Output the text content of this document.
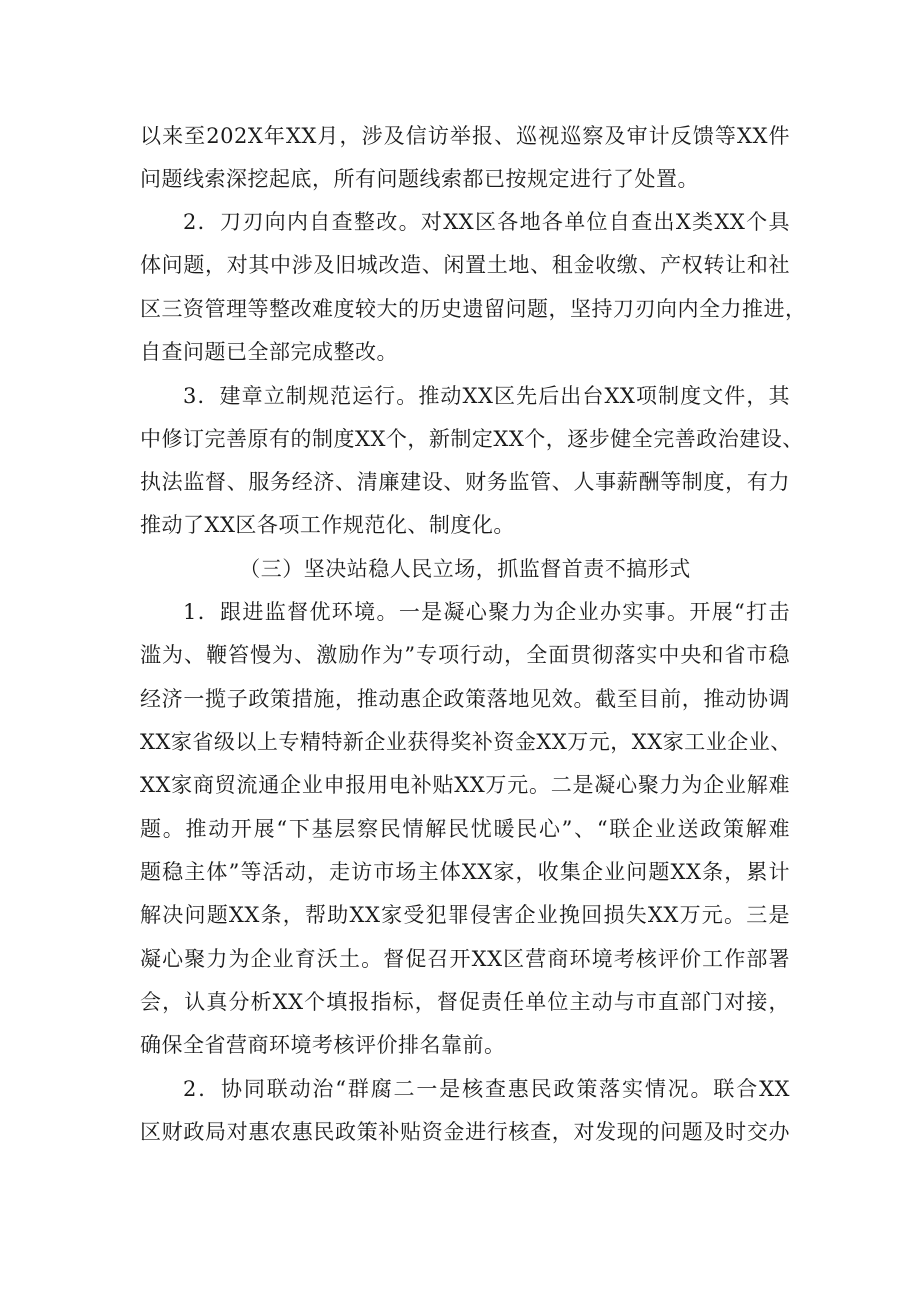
以来至202X年XX月，涉及信访举报、巡视巡察及审计反馈等XX件
问题线索深挖起底，所有问题线索都已按规定进行了处置。
2．刀刃向内自查整改。对XX区各地各单位自查出X类XX个具
体问题，对其中涉及旧城改造、闲置土地、租金收缴、产权转让和社
区三资管理等整改难度较大的历史遗留问题，坚持刀刃向内全力推进，
自查问题已全部完成整改。
3．建章立制规范运行。推动XX区先后出台XX项制度文件，其
中修订完善原有的制度XX个，新制定XX个，逐步健全完善政治建设、
执法监督、服务经济、清廉建设、财务监管、人事薪酬等制度，有力
推动了XX区各项工作规范化、制度化。
（三）坚决站稳人民立场，抓监督首责不搞形式
1．跟进监督优环境。一是凝心聚力为企业办实事。开展“打击
滥为、鞭笞慢为、激励作为”专项行动，全面贯彻落实中央和省市稳
经济一揽子政策措施，推动惠企政策落地见效。截至目前，推动协调
XX家省级以上专精特新企业获得奖补资金XX万元，XX家工业企业、
XX家商贸流通企业申报用电补贴XX万元。二是凝心聚力为企业解难
题。推动开展“下基层察民情解民忧暖民心”、“联企业送政策解难
题稳主体”等活动，走访市场主体XX家，收集企业问题XX条，累计
解决问题XX条，帮助XX家受犯罪侵害企业挽回损失XX万元。三是
凝心聚力为企业育沃土。督促召开XX区营商环境考核评价工作部署
会，认真分析XX个填报指标，督促责任单位主动与市直部门对接，
确保全省营商环境考核评价排名靠前。
2．协同联动治“群腐二一是核查惠民政策落实情况。联合XX
区财政局对惠农惠民政策补贴资金进行核查，对发现的问题及时交办
